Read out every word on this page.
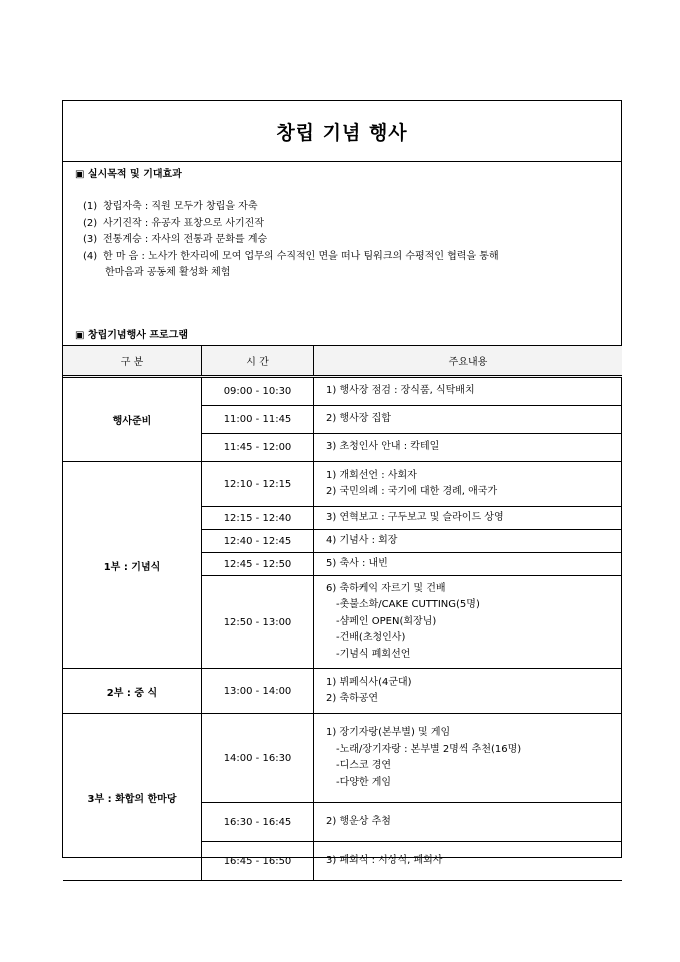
창립 기념 행사
▣ 실시목적 및 기대효과
(1) 창립자축 : 직원 모두가 창립을 자축
(2) 사기진작 : 유공자 표창으로 사기진작
(3) 전통계승 : 자사의 전통과 문화를 계승
(4) 한 마 음 : 노사가 한자리에 모여 업무의 수직적인 면을 떠나 팀워크의 수평적인 협력을 통해
한마음과 공동체 활성화 체험
▣ 창립기념행사 프로그램
구 분	시 간	주요내용
행사준비	09:00 - 10:30	1) 행사장 점검 : 장식품, 식탁배치

	11:00 - 11:45	2) 행사장 집합

	11:45 - 12:00	3) 초청인사 안내 : 칵테일

1부 : 기념식	12:10 - 12:15	1) 개회선언 : 사회자
2) 국민의례 : 국기에 대한 경례, 애국가

	12:15 - 12:40	3) 연혁보고 : 구두보고 및 슬라이드 상영

	12:40 - 12:45	4) 기념사 : 회장

	12:45 - 12:50	5) 축사 : 내빈

	12:50 - 13:00	6) 축하케익 자르기 및 건배
-촛불소화/CAKE CUTTING(5명)
-샴페인 OPEN(회장님)
-건배(초청인사)
-기념식 폐회선언

2부 : 중 식	13:00 - 14:00	1) 뷔페식사(4군대)
2) 축하공연

3부 : 화합의 한마당	14:00 - 16:30	1) 장기자랑(본부별) 및 게임
-노래/장기자랑 : 본부별 2명씩 추천(16명)
-디스코 경연
-다양한 게임

	16:30 - 16:45	2) 행운상 추첨

	16:45 - 16:50	3) 폐회식 : 시상식, 폐회사
